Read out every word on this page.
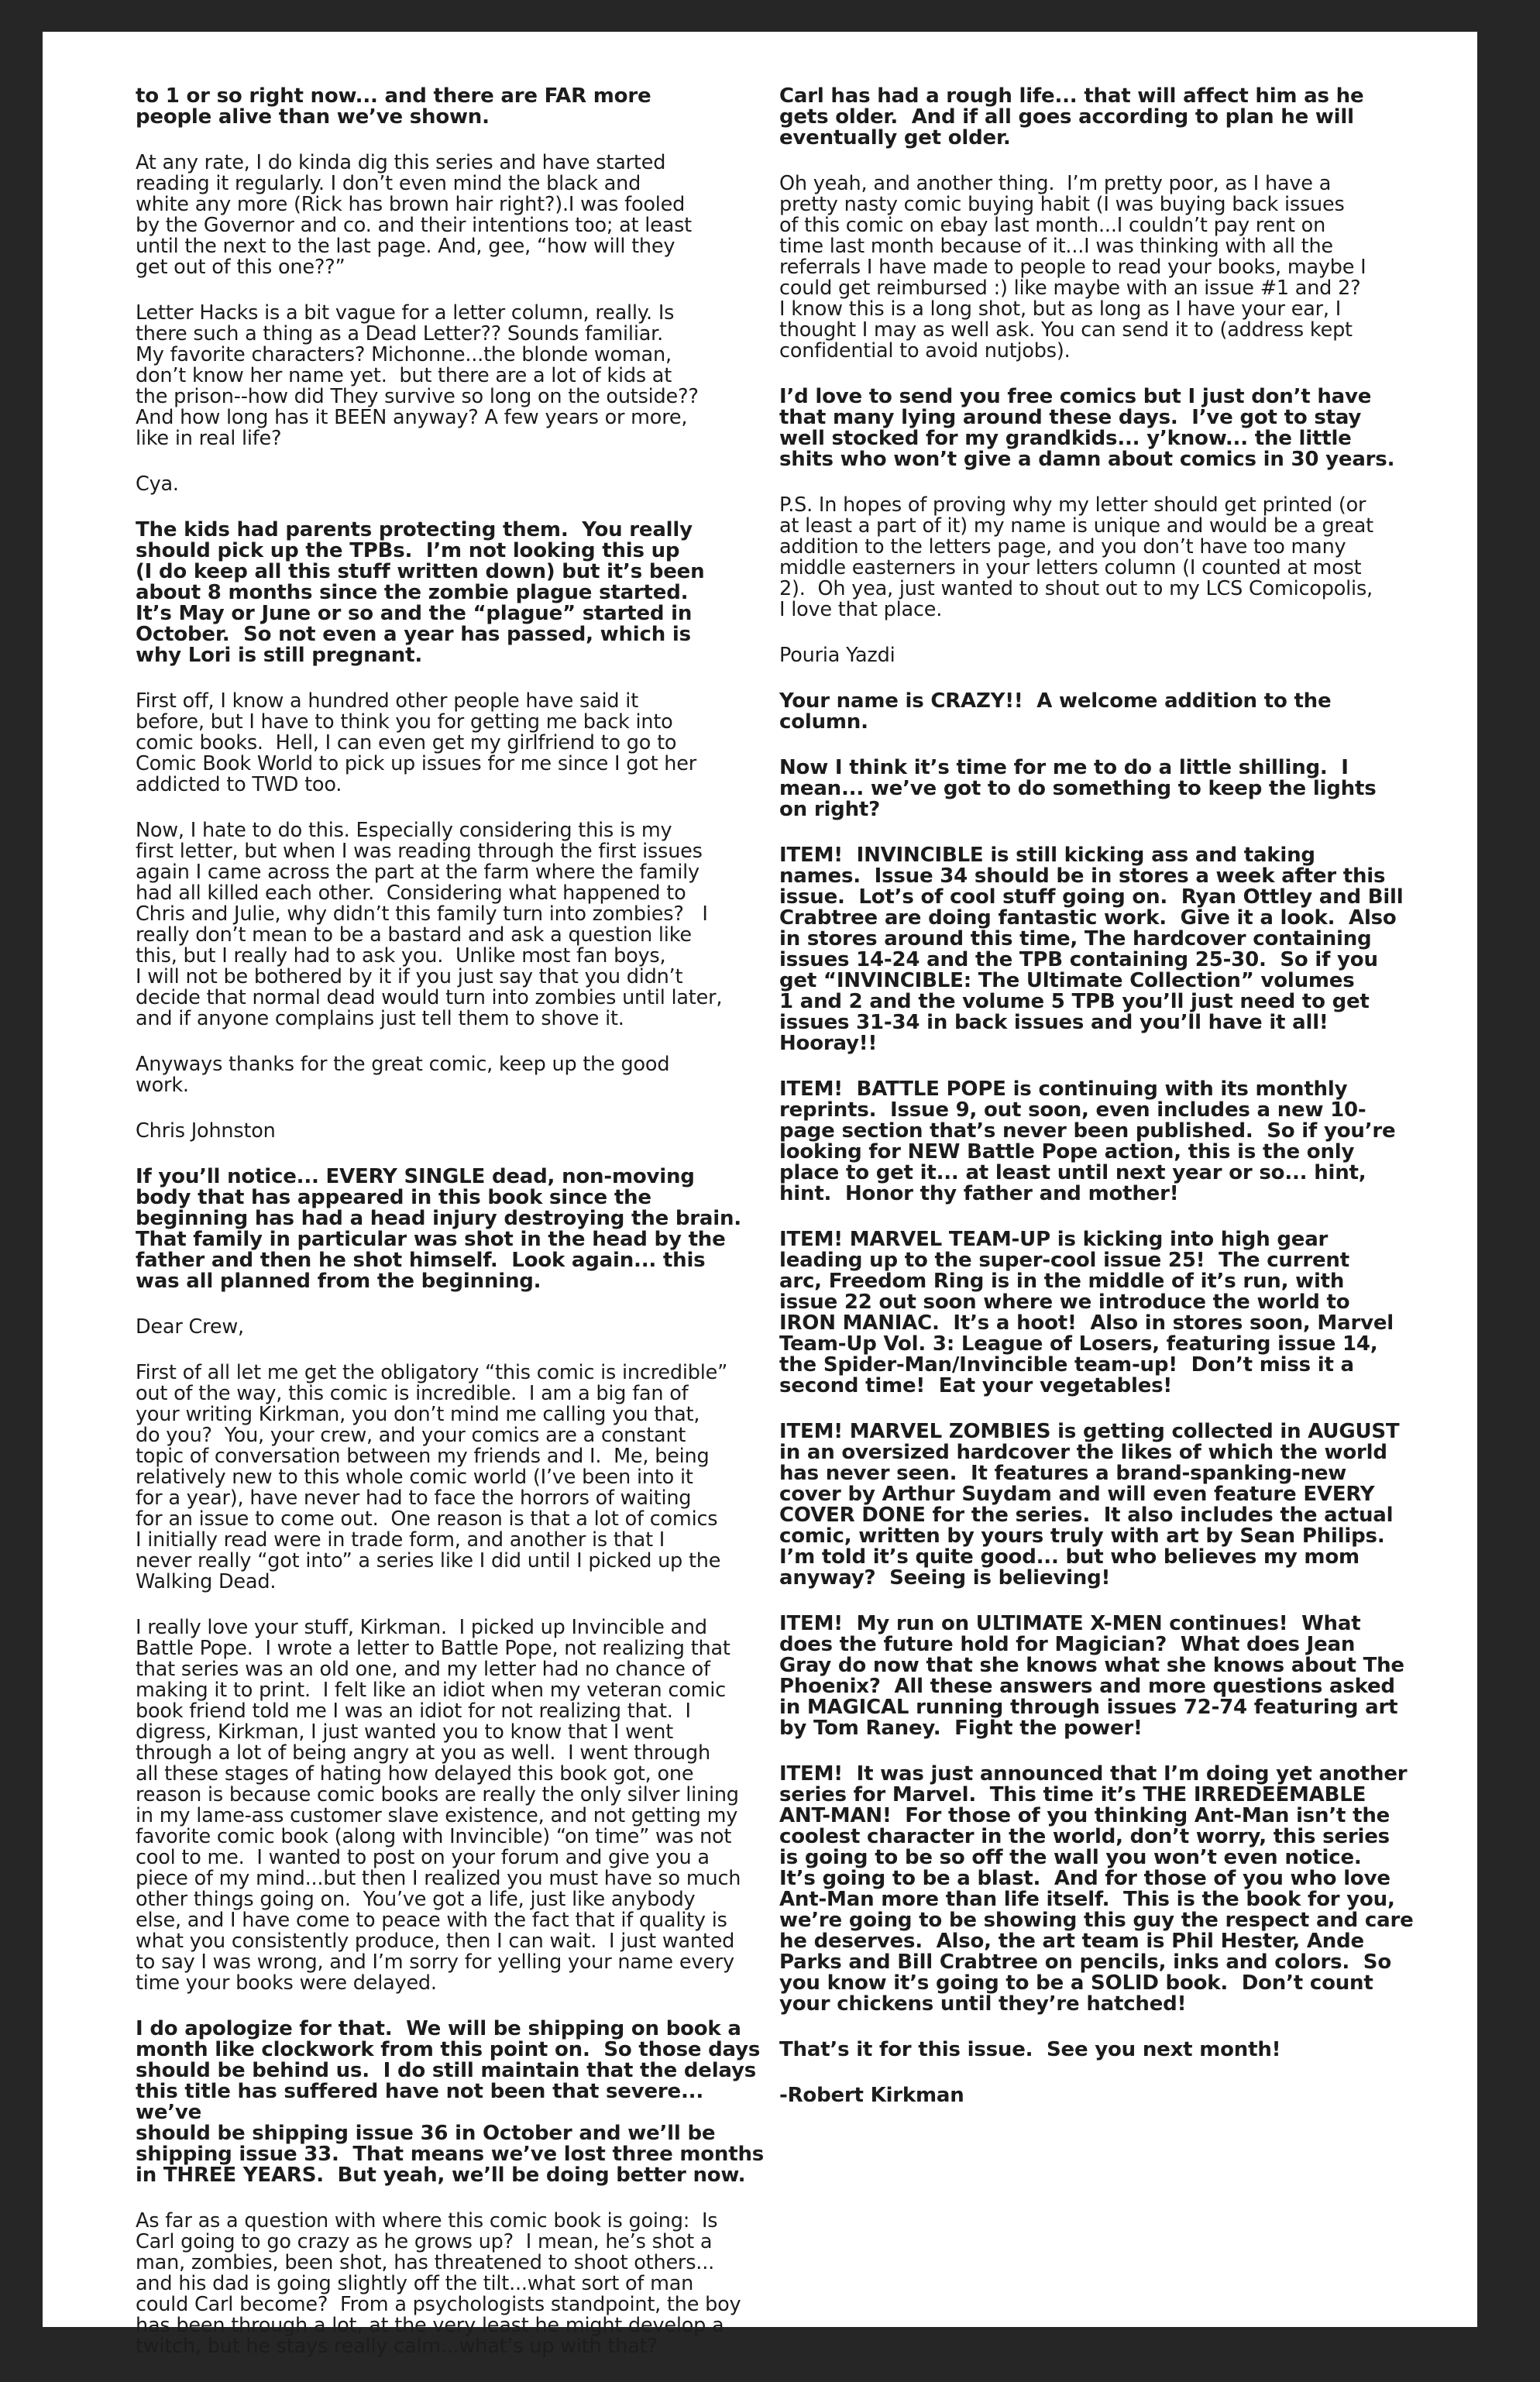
to 1 or so right now... and there are FAR more
people alive than we’ve shown.

At any rate, I do kinda dig this series and have started
reading it regularly. I don’t even mind the black and
white any more (Rick has brown hair right?).I was fooled
by the Governor and co. and their intentions too; at least
until the next to the last page. And, gee, “how will they
get out of this one??”

Letter Hacks is a bit vague for a letter column, really. Is
there such a thing as a Dead Letter?? Sounds familiar.
My favorite characters? Michonne...the blonde woman,
don’t know her name yet.  but there are a lot of kids at
the prison--how did They survive so long on the outside??
And how long has it BEEN anyway? A few years or more,
like in real life?

Cya.

The kids had parents protecting them.  You really
should pick up the TPBs.  I’m not looking this up
(I do keep all this stuff written down) but it’s been
about 8 months since the zombie plague started.
It’s May or June or so and the “plague” started in
October.  So not even a year has passed, which is
why Lori is still pregnant.

First off, I know a hundred other people have said it
before, but I have to think you for getting me back into
comic books.  Hell, I can even get my girlfriend to go to
Comic Book World to pick up issues for me since I got her
addicted to TWD too.

Now, I hate to do this. Especially considering this is my
first letter, but when I was reading through the first issues
again I came across the part at the farm where the family
had all killed each other.  Considering what happened to
Chris and Julie, why didn’t this family turn into zombies?   I
really don’t mean to be a bastard and ask a question like
this, but I really had to ask you.  Unlike most fan boys,
I will not be bothered by it if you just say that you didn’t
decide that normal dead would turn into zombies until later,
and if anyone complains just tell them to shove it.

Anyways thanks for the great comic, keep up the good
work.

Chris Johnston

If you’ll notice... EVERY SINGLE dead, non-moving
body that has appeared in this book since the
beginning has had a head injury destroying the brain.
That family in particular was shot in the head by the
father and then he shot himself.  Look again... this
was all planned from the beginning.

Dear Crew,

First of all let me get the obligatory “this comic is incredible”
out of the way, this comic is incredible.  I am a big fan of
your writing Kirkman, you don’t mind me calling you that,
do you?  You, your crew, and your comics are a constant
topic of conversation between my friends and I.  Me, being
relatively new to this whole comic world (I’ve been into it
for a year), have never had to face the horrors of waiting
for an issue to come out.  One reason is that a lot of comics
I initially read were in trade form, and another is that I
never really “got into” a series like I did until I picked up the
Walking Dead.

I really love your stuff, Kirkman.  I picked up Invincible and
Battle Pope.  I wrote a letter to Battle Pope, not realizing that
that series was an old one, and my letter had no chance of
making it to print.  I felt like an idiot when my veteran comic
book friend told me I was an idiot for not realizing that.  I
digress, Kirkman, I just wanted you to know that I went
through a lot of being angry at you as well.  I went through
all these stages of hating how delayed this book got, one
reason is because comic books are really the only silver lining
in my lame-ass customer slave existence, and not getting my
favorite comic book (along with Invincible) “on time” was not
cool to me.  I wanted to post on your forum and give you a
piece of my mind...but then I realized you must have so much
other things going on.  You’ve got a life, just like anybody
else, and I have come to peace with the fact that if quality is
what you consistently produce, then I can wait.  I just wanted
to say I was wrong, and I’m sorry for yelling your name every
time your books were delayed.

I do apologize for that.  We will be shipping on book a
month like clockwork from this point on.  So those days
should be behind us.  I do still maintain that the delays
this title has suffered have not been that severe... we’ve
should be shipping issue 36 in October and we’ll be
shipping issue 33.  That means we’ve lost three months
in THREE YEARS.  But yeah, we’ll be doing better now.

As far as a question with where this comic book is going:  Is
Carl going to go crazy as he grows up?  I mean, he’s shot a
man, zombies, been shot, has threatened to shoot others...
and his dad is going slightly off the tilt...what sort of man
could Carl become?  From a psychologists standpoint, the boy
has been through a lot, at the very least he might develop a
twitch, but he stays really calm...what’s up with that?

Carl has had a rough life... that will affect him as he
gets older.  And if all goes according to plan he will
eventually get older.

Oh yeah, and another thing.  I’m pretty poor, as I have a
pretty nasty comic buying habit (I was buying back issues
of this comic on ebay last month...I couldn’t pay rent on
time last month because of it...I was thinking with all the
referrals I have made to people to read your books, maybe I
could get reimbursed :) like maybe with an issue #1 and 2?
I know this is a long shot, but as long as I have your ear, I
thought I may as well ask. You can send it to (address kept
confidential to avoid nutjobs).

I’d love to send you free comics but I just don’t have
that many lying around these days.  I’ve got to stay
well stocked for my grandkids... y’know... the little
shits who won’t give a damn about comics in 30 years.

P.S. In hopes of proving why my letter should get printed (or
at least a part of it) my name is unique and would be a great
addition to the letters page, and you don’t have too many
middle easterners in your letters column (I counted at most
2).  Oh yea, just wanted to shout out to my LCS Comicopolis,
I love that place.

Pouria Yazdi

Your name is CRAZY!!  A welcome addition to the
column.

Now I think it’s time for me to do a little shilling.  I
mean... we’ve got to do something to keep the lights
on right?

ITEM!  INVINCIBLE is still kicking ass and taking
names.  Issue 34 should be in stores a week after this
issue.  Lot’s of cool stuff going on.  Ryan Ottley and Bill
Crabtree are doing fantastic work.  Give it a look.  Also
in stores around this time, The hardcover containing
issues 14-24 and the TPB containing 25-30.  So if you
get “INVINCIBLE: The Ultimate Collection” volumes
1 and 2 and the volume 5 TPB you’ll just need to get
issues 31-34 in back issues and you’ll have it all!
Hooray!!

ITEM!  BATTLE POPE is continuing with its monthly
reprints.  Issue 9, out soon, even includes a new 10-
page section that’s never been published.  So if you’re
looking for NEW Battle Pope action, this is the only
place to get it... at least until next year or so... hint,
hint.  Honor thy father and mother!

ITEM! MARVEL TEAM-UP is kicking into high gear
leading up to the super-cool issue 25!  The current
arc, Freedom Ring is in the middle of it’s run, with
issue 22 out soon where we introduce the world to
IRON MANIAC.  It’s a hoot!  Also in stores soon, Marvel
Team-Up Vol. 3: League of Losers, featuring issue 14,
the Spider-Man/Invincible team-up!  Don’t miss it a
second time!  Eat your vegetables!

ITEM! MARVEL ZOMBIES is getting collected in AUGUST
in an oversized hardcover the likes of which the world
has never seen.  It features a brand-spanking-new
cover by Arthur Suydam and will even feature EVERY
COVER DONE for the series.  It also includes the actual
comic, written by yours truly with art by Sean Philips.
I’m told it’s quite good... but who believes my mom
anyway?  Seeing is believing!

ITEM!  My run on ULTIMATE X-MEN continues!  What
does the future hold for Magician?  What does Jean
Gray do now that she knows what she knows about The
Phoenix?  All these answers and more questions asked
in MAGICAL running through issues 72-74 featuring art
by Tom Raney.  Fight the power!

ITEM!  It was just announced that I’m doing yet another
series for Marvel.  This time it’s THE IRREDEEMABLE
ANT-MAN!  For those of you thinking Ant-Man isn’t the
coolest character in the world, don’t worry, this series
is going to be so off the wall you won’t even notice.
It’s going to be a blast.  And for those of you who love
Ant-Man more than life itself.  This is the book for you,
we’re going to be showing this guy the respect and care
he deserves.  Also, the art team is Phil Hester, Ande
Parks and Bill Crabtree on pencils, inks and colors.  So
you know it’s going to be a SOLID book.  Don’t count
your chickens until they’re hatched!

That’s it for this issue.  See you next month!

-Robert Kirkman
